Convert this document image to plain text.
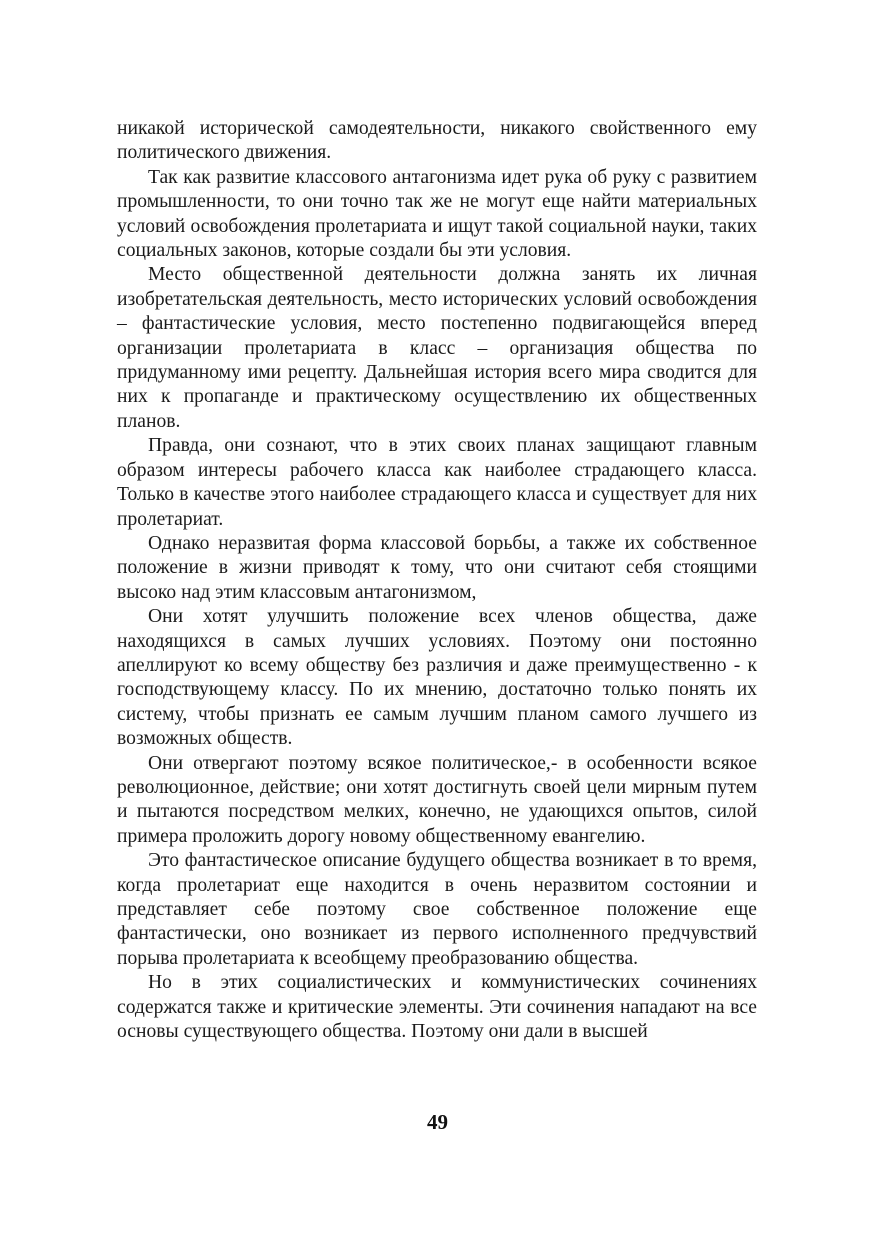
никакой исторической самодеятельности, никакого свойственного ему политического движения.

Так как развитие классового антагонизма идет рука об руку с развитием промышленности, то они точно так же не могут еще найти материальных условий освобождения пролетариата и ищут такой социальной науки, таких социальных законов, которые создали бы эти условия.

Место общественной деятельности должна занять их личная изобретательская деятельность, место исторических условий освобождения – фантастические условия, место постепенно подвигающейся вперед организации пролетариата в класс – организация общества по придуманному ими рецепту. Дальнейшая история всего мира сводится для них к пропаганде и практическому осуществлению их общественных планов.

Правда, они сознают, что в этих своих планах защищают главным образом интересы рабочего класса как наиболее страдающего класса. Только в качестве этого наиболее страдающего класса и существует для них пролетариат.

Однако неразвитая форма классовой борьбы, а также их собственное положение в жизни приводят к тому, что они считают себя стоящими высоко над этим классовым антагонизмом,

Они хотят улучшить положение всех членов общества, даже находящихся в самых лучших условиях. Поэтому они постоянно апеллируют ко всему обществу без различия и даже преимущественно - к господствующему классу. По их мнению, достаточно только понять их систему, чтобы признать ее самым лучшим планом самого лучшего из возможных обществ.

Они отвергают поэтому всякое политическое,- в особенности всякое революционное, действие; они хотят достигнуть своей цели мирным путем и пытаются посредством мелких, конечно, не удающихся опытов, силой примера проложить дорогу новому общественному евангелию.

Это фантастическое описание будущего общества возникает в то время, когда пролетариат еще находится в очень неразвитом состоянии и представляет себе поэтому свое собственное положение еще фантастически, оно возникает из первого исполненного предчувствий порыва пролетариата к всеобщему преобразованию общества.

Но в этих социалистических и коммунистических сочинениях содержатся также и критические элементы. Эти сочинения нападают на все основы существующего общества. Поэтому они дали в высшей

49
